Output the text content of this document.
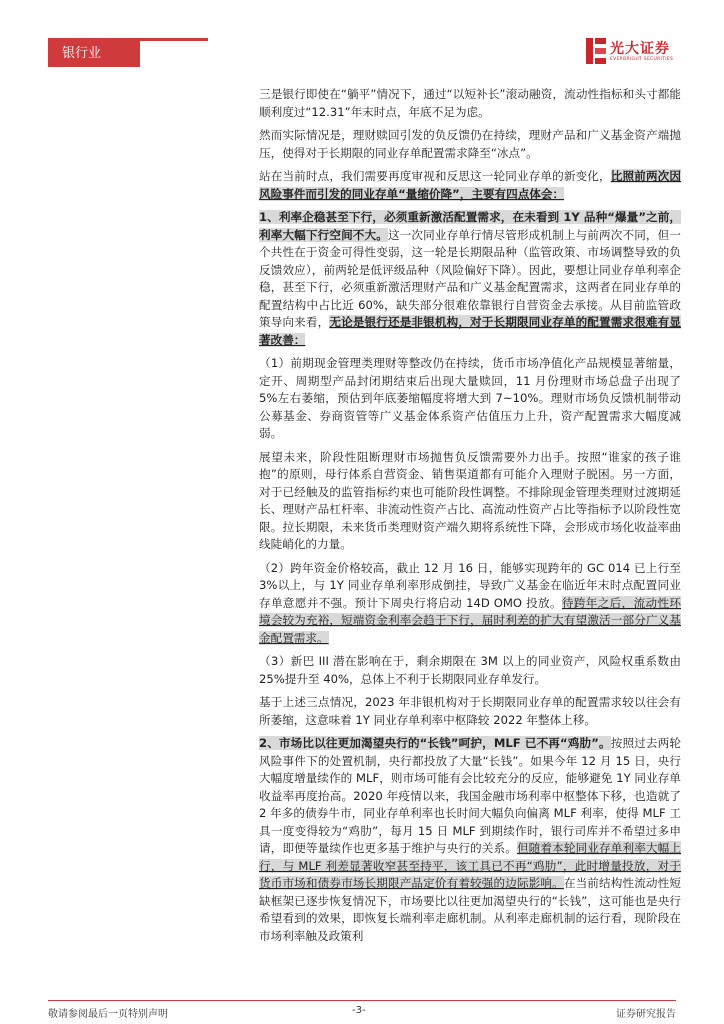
银行业	光大证券
EVERBRIGHT SECURITIES

三是银行即使在“躺平”情况下，通过“以短补长”滚动融资，流动性指标和头寸都能顺利度过“12.31”年末时点，年底不足为虑。

然而实际情况是，理财赎回引发的负反馈仍在持续，理财产品和广义基金资产端抛压，使得对于长期限的同业存单配置需求降至“冰点”。

站在当前时点，我们需要再度审视和反思这一轮同业存单的新变化，比照前两次因风险事件而引发的同业存单“量缩价降”，主要有四点体会：

1、利率企稳甚至下行，必须重新激活配置需求，在未看到 1Y 品种“爆量”之前，利率大幅下行空间不大。这一次同业存单行情尽管形成机制上与前两次不同，但一个共性在于资金可得性变弱，这一轮是长期限品种（监管政策、市场调整导致的负反馈效应），前两轮是低评级品种（风险偏好下降）。因此，要想让同业存单利率企稳，甚至下行，必须重新激活理财产品和广义基金配置需求，这两者在同业存单的配置结构中占比近 60%，缺失部分很难依靠银行自营资金去承接。从目前监管政策导向来看，无论是银行还是非银机构，对于长期限同业存单的配置需求很难有显著改善：

（1）前期现金管理类理财等整改仍在持续，货币市场净值化产品规模显著缩量，定开、周期型产品封闭期结束后出现大量赎回，11 月份理财市场总盘子出现了 5%左右萎缩，预估到年底萎缩幅度将增大到 7~10%。理财市场负反馈机制带动公募基金、券商资管等广义基金体系资产估值压力上升，资产配置需求大幅度减弱。

展望未来，阶段性阻断理财市场抛售负反馈需要外力出手。按照“谁家的孩子谁抱”的原则，母行体系自营资金、销售渠道都有可能介入理财子脱困。另一方面，对于已经触及的监管指标约束也可能阶段性调整。不排除现金管理类理财过渡期延长、理财产品杠杆率、非流动性资产占比、高流动性资产占比等指标予以阶段性宽限。拉长期限，未来货币类理财资产端久期将系统性下降，会形成市场化收益率曲线陡峭化的力量。

（2）跨年资金价格较高，截止 12 月 16 日，能够实现跨年的 GC 014 已上行至 3%以上，与 1Y 同业存单利率形成倒挂，导致广义基金在临近年末时点配置同业存单意愿并不强。预计下周央行将启动 14D OMO 投放。待跨年之后，流动性环境会较为充裕，短端资金利率会趋于下行，届时利差的扩大有望激活一部分广义基金配置需求。

（3）新巴 III 潜在影响在于，剩余期限在 3M 以上的同业资产，风险权重系数由 25%提升至 40%，总体上不利于长期限同业存单发行。

基于上述三点情况，2023 年非银机构对于长期限同业存单的配置需求较以往会有所萎缩，这意味着 1Y 同业存单利率中枢降较 2022 年整体上移。

2、市场比以往更加渴望央行的“长钱”呵护，MLF 已不再“鸡肋”。按照过去两轮风险事件下的处置机制，央行都投放了大量“长钱”。如果今年 12 月 15 日，央行大幅度增量续作的 MLF，则市场可能有会比较充分的反应，能够避免 1Y 同业存单收益率再度抬高。2020 年疫情以来，我国金融市场利率中枢整体下移，也造就了 2 年多的债券牛市，同业存单利率也长时间大幅负向偏离 MLF 利率，使得 MLF 工具一度变得较为“鸡肋”，每月 15 日 MLF 到期续作时，银行司库并不希望过多申请，即便等量续作也更多基于维护与央行的关系。但随着本轮同业存单利率大幅上行，与 MLF 利差显著收窄甚至持平，该工具已不再“鸡肋”，此时增量投放，对于货币市场和债券市场长期限产品定价有着较强的边际影响。在当前结构性流动性短缺框架已逐步恢复情况下，市场要比以往更加渴望央行的“长钱”，这可能也是央行希望看到的效果，即恢复长端利率走廊机制。从利率走廊机制的运行看，现阶段在市场利率触及政策利

敬请参阅最后一页特别声明	-3-	证券研究报告
